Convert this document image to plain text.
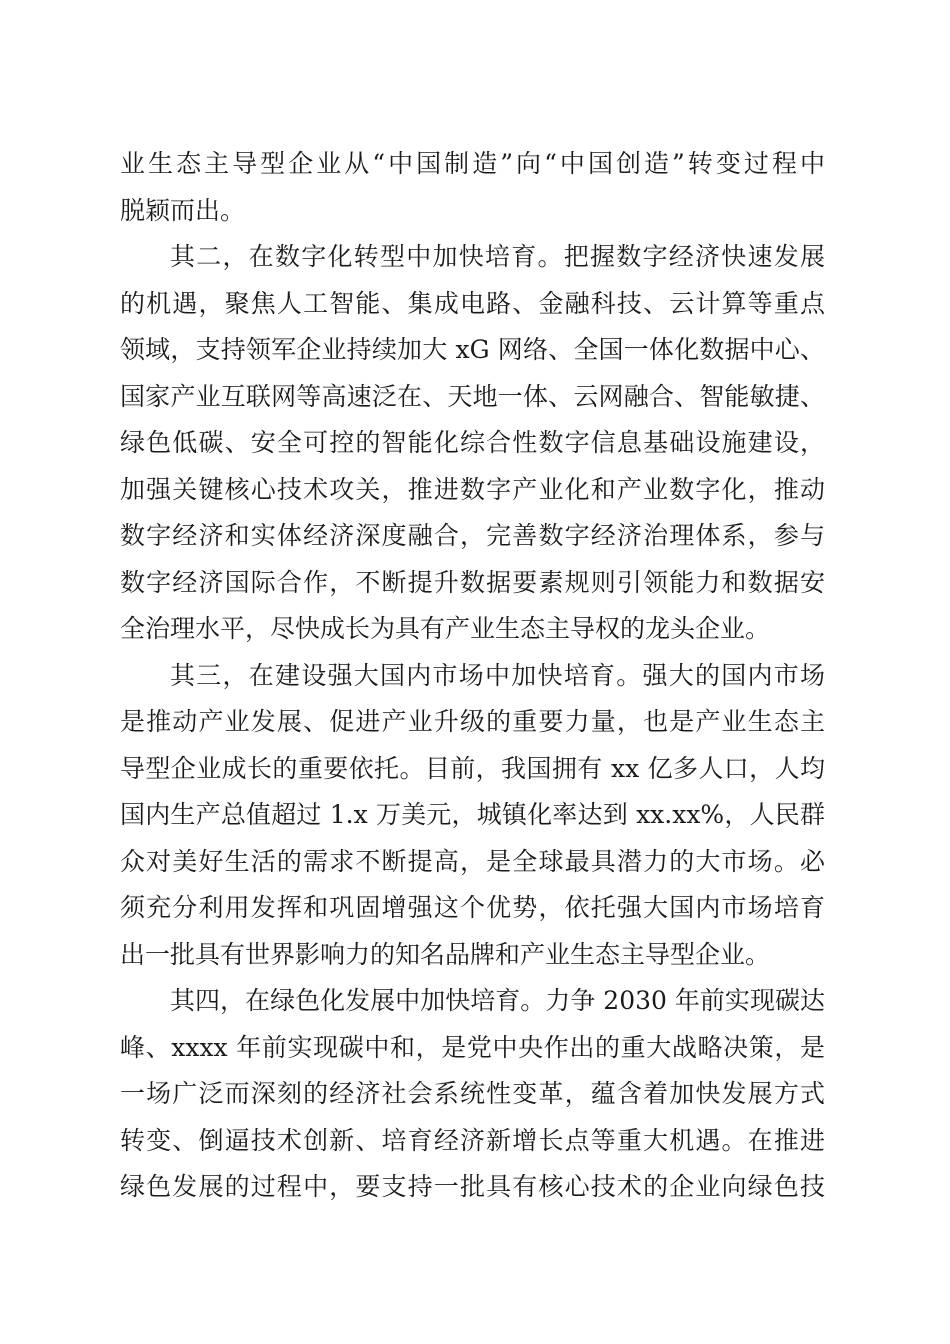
业生态主导型企业从“中国制造”向“中国创造”转变过程中
脱颖而出。
其二，在数字化转型中加快培育。把握数字经济快速发展
的机遇，聚焦人工智能、集成电路、金融科技、云计算等重点
领域，支持领军企业持续加大 xG 网络、全国一体化数据中心、
国家产业互联网等高速泛在、天地一体、云网融合、智能敏捷、
绿色低碳、安全可控的智能化综合性数字信息基础设施建设，
加强关键核心技术攻关，推进数字产业化和产业数字化，推动
数字经济和实体经济深度融合，完善数字经济治理体系，参与
数字经济国际合作，不断提升数据要素规则引领能力和数据安
全治理水平，尽快成长为具有产业生态主导权的龙头企业。
其三，在建设强大国内市场中加快培育。强大的国内市场
是推动产业发展、促进产业升级的重要力量，也是产业生态主
导型企业成长的重要依托。目前，我国拥有 xx 亿多人口，人均
国内生产总值超过 1.x 万美元，城镇化率达到 xx.xx%，人民群
众对美好生活的需求不断提高，是全球最具潜力的大市场。必
须充分利用发挥和巩固增强这个优势，依托强大国内市场培育
出一批具有世界影响力的知名品牌和产业生态主导型企业。
其四，在绿色化发展中加快培育。力争 2030 年前实现碳达
峰、xxxx 年前实现碳中和，是党中央作出的重大战略决策，是
一场广泛而深刻的经济社会系统性变革，蕴含着加快发展方式
转变、倒逼技术创新、培育经济新增长点等重大机遇。在推进
绿色发展的过程中，要支持一批具有核心技术的企业向绿色技
